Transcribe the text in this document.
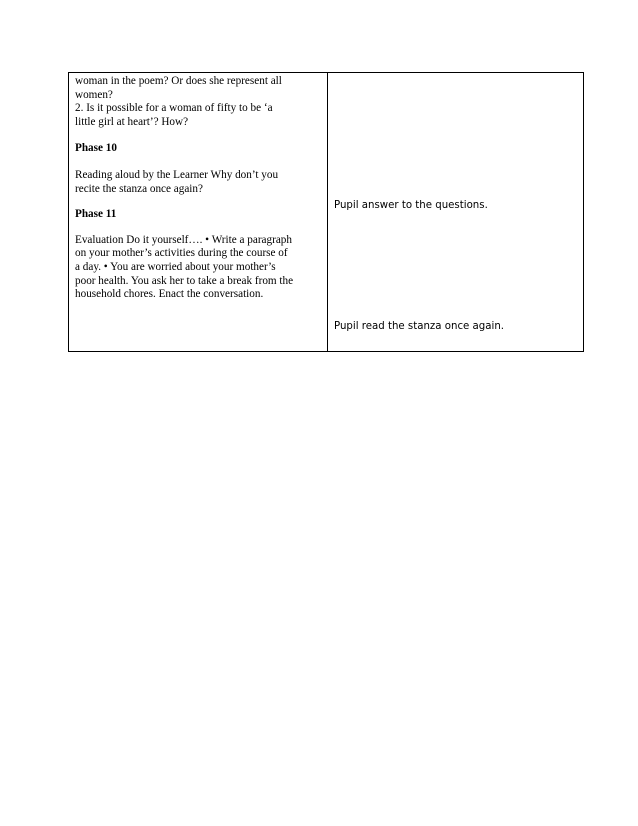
woman in the poem? Or does she represent all

women?

2. Is it possible for a woman of fifty to be ‘a

little girl at heart’? How?

Phase 10

Reading aloud by the Learner Why don’t you

recite the stanza once again?

Phase 11

Evaluation Do it yourself…. • Write a paragraph

on your mother’s activities during the course of

a day. • You are worried about your mother’s

poor health. You ask her to take a break from the

household chores. Enact the conversation.

Pupil answer to the questions.
Pupil read the stanza once again.
